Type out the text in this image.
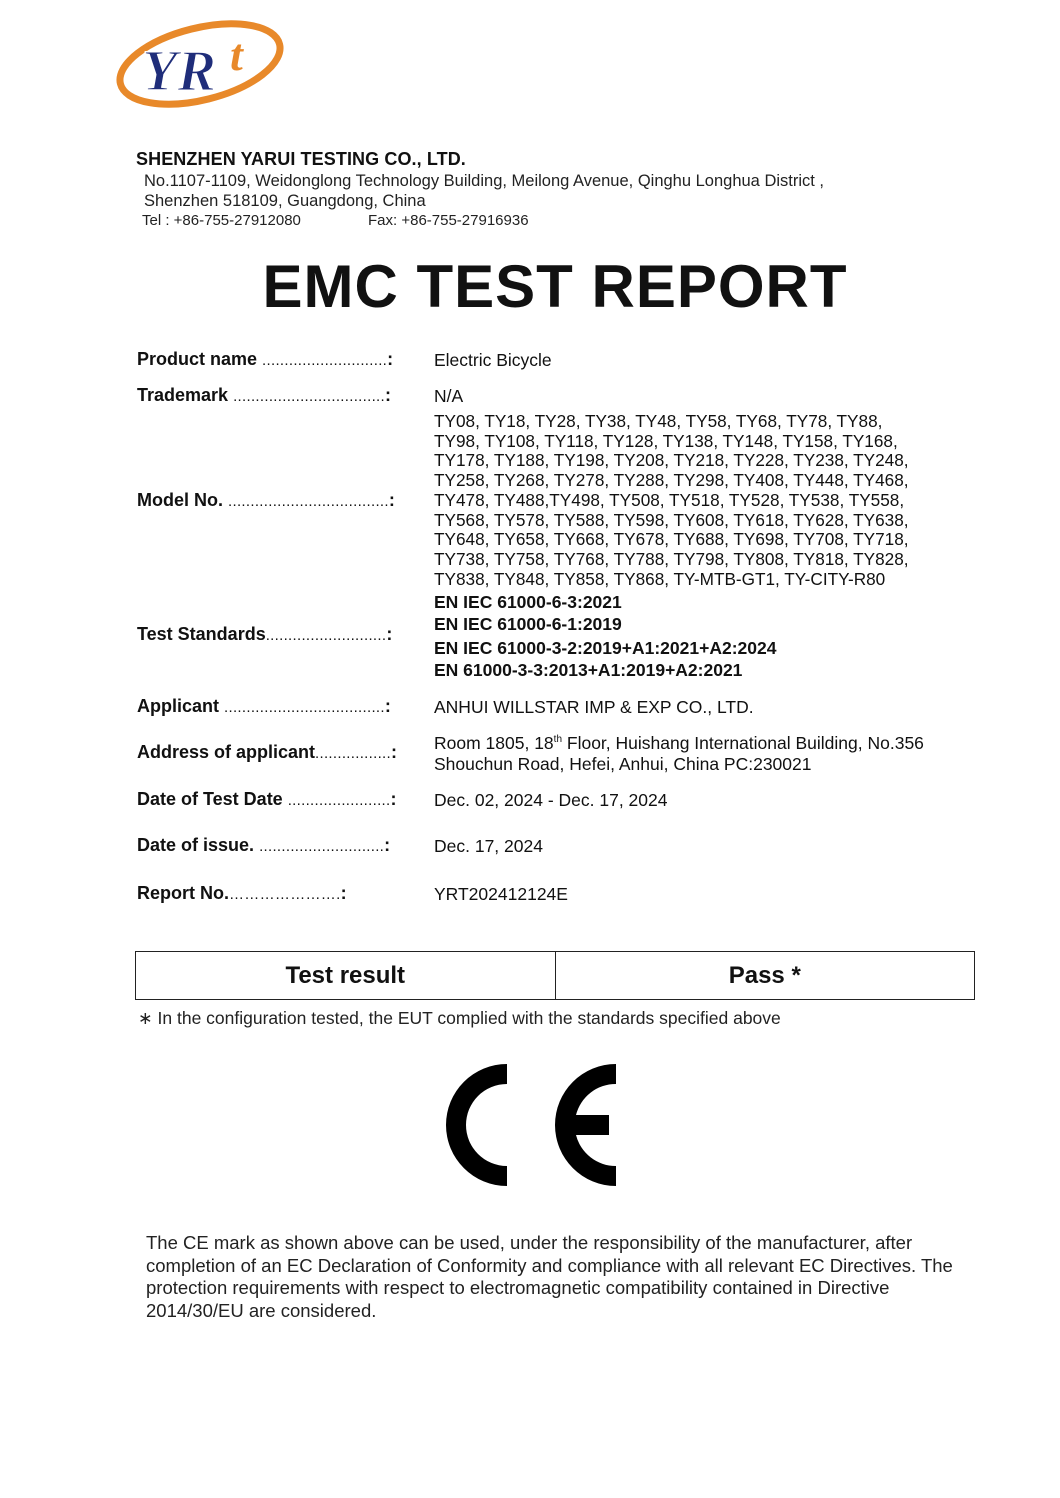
YR t
SHENZHEN YARUI TESTING CO., LTD.
No.1107-1109, Weidonglong Technology Building, Meilong Avenue, Qinghu Longhua District ,
Shenzhen 518109, Guangdong, China
Tel : +86-755-27912080	Fax: +86-755-27916936
EMC TEST REPORT
Product name ............................: Electric Bicycle
Trademark ..................................: N/A
Model No. ....................................:
TY08, TY18, TY28, TY38, TY48, TY58, TY68, TY78, TY88,
TY98, TY108, TY118, TY128, TY138, TY148, TY158, TY168,
TY178, TY188, TY198, TY208, TY218, TY228, TY238, TY248,
TY258, TY268, TY278, TY288, TY298, TY408, TY448, TY468,
TY478, TY488,TY498, TY508, TY518, TY528, TY538, TY558,
TY568, TY578, TY588, TY598, TY608, TY618, TY628, TY638,
TY648, TY658, TY668, TY678, TY688, TY698, TY708, TY718,
TY738, TY758, TY768, TY788, TY798, TY808, TY818, TY828,
TY838, TY848, TY858, TY868, TY-MTB-GT1, TY-CITY-R80
Test Standards...........................:
EN IEC 61000-6-3:2021
EN IEC 61000-6-1:2019
EN IEC 61000-3-2:2019+A1:2021+A2:2024
EN 61000-3-3:2013+A1:2019+A2:2021
Applicant ....................................: ANHUI WILLSTAR IMP & EXP CO., LTD.
Address of applicant.................: Room 1805, 18th Floor, Huishang International Building, No.356
Shouchun Road, Hefei, Anhui, China PC:230021
Date of Test Date .......................: Dec. 02, 2024 - Dec. 17, 2024
Date of issue. ............................:	Dec. 17, 2024
Report No.………………….:	YRT202412124E
Test result	Pass *
∗ In the configuration tested, the EUT complied with the standards specified above
The CE mark as shown above can be used, under the responsibility of the manufacturer, after completion of an EC Declaration of Conformity and compliance with all relevant EC Directives. The protection requirements with respect to electromagnetic compatibility contained in Directive 2014/30/EU are considered.
